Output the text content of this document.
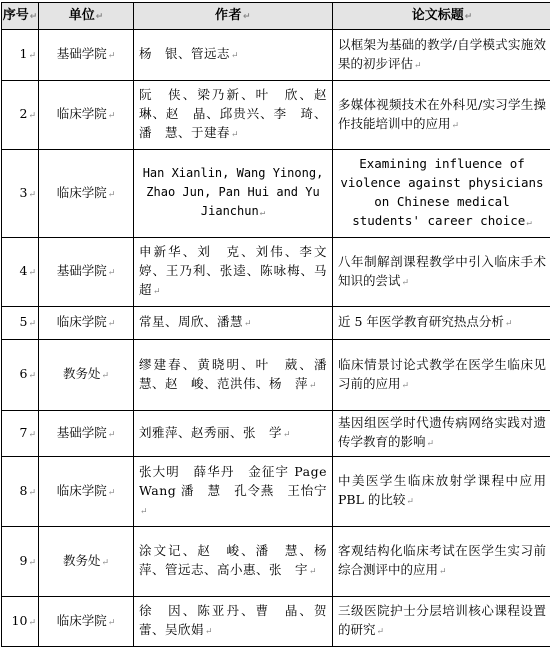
序号↵	单位↵	作者↵	论文标题↵
1↵	基础学院↵	杨　银、管远志↵	以框架为基础的教学/自学模式实施效果的初步评估↵
2↵	临床学院↵	阮　侠、梁乃新、叶　欣、赵琳、赵　晶、邱贵兴、李　琦、潘　慧、于建春↵	多媒体视频技术在外科见/实习学生操作技能培训中的应用↵
3↵	临床学院↵	Han Xianlin, Wang Yinong, Zhao Jun, Pan Hui and Yu Jianchun↵	Examining influence of violence against physicians on Chinese medical students' career choice↵
4↵	基础学院↵	申新华、刘　克、刘伟、李文婷、王乃利、张逵、陈咏梅、马超↵	八年制解剖课程教学中引入临床手术知识的尝试↵
5↵	临床学院↵	常星、周欣、潘慧↵	近 5 年医学教育研究热点分析↵
6↵	教务处↵	缪建春、黄晓明、叶　葳、潘慧、赵　峻、范洪伟、杨　萍↵	临床情景讨论式教学在医学生临床见习前的应用↵
7↵	基础学院↵	刘雅萍、赵秀丽、张　学↵	基因组医学时代遗传病网络实践对遗传学教育的影响↵
8↵	临床学院↵	张大明　薛华丹　金征宇 Page Wang 潘　慧　孔令燕　王怡宁↵	中美医学生临床放射学课程中应用 PBL 的比较↵
9↵	教务处↵	涂文记、赵　峻、潘　慧、杨　萍、管远志、高小惠、张　宇↵	客观结构化临床考试在医学生实习前综合测评中的应用↵
10↵	临床学院↵	徐　因、陈亚丹、曹　晶、贺　蕾、吴欣娟↵	三级医院护士分层培训核心课程设置的研究↵
